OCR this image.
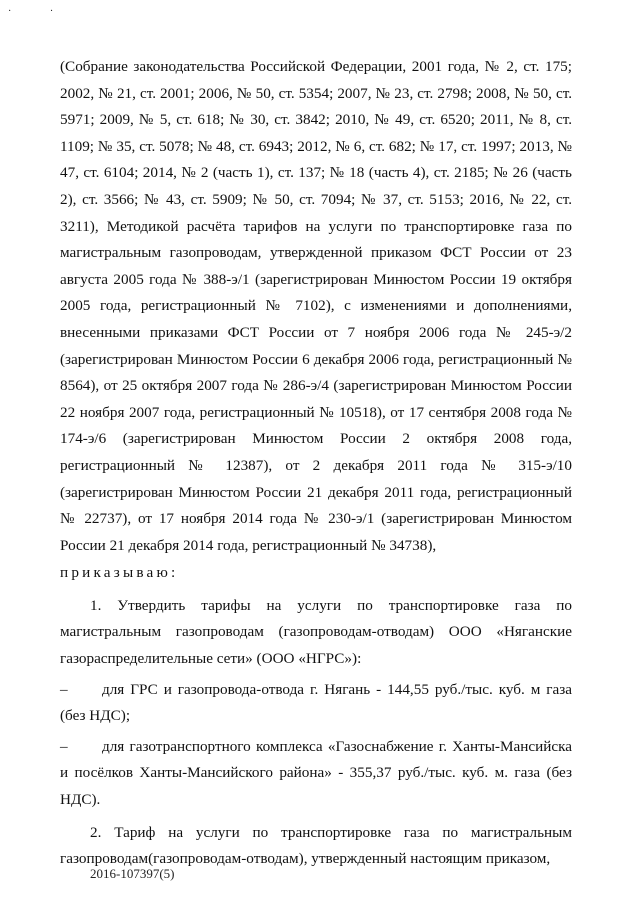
· ·

(Собрание законодательства Российской Федерации, 2001 года, № 2, ст. 175; 2002, № 21, ст. 2001; 2006, № 50, ст. 5354; 2007, № 23, ст. 2798; 2008, № 50, ст. 5971; 2009, № 5, ст. 618; № 30, ст. 3842; 2010, № 49, ст. 6520; 2011, № 8, ст. 1109; № 35, ст. 5078; № 48, ст. 6943; 2012, № 6, ст. 682; № 17, ст. 1997; 2013, № 47, ст. 6104; 2014, № 2 (часть 1), ст. 137; № 18 (часть 4), ст. 2185; № 26 (часть 2), ст. 3566; № 43, ст. 5909; № 50, ст. 7094; № 37, ст. 5153; 2016, № 22, ст. 3211), Методикой расчёта тарифов на услуги по транспортировке газа по магистральным газопроводам, утвержденной приказом ФСТ России от 23 августа 2005 года № 388-э/1 (зарегистрирован Минюстом России 19 октября 2005 года, регистрационный № 7102), с изменениями и дополнениями, внесенными приказами ФСТ России от 7 ноября 2006 года № 245-э/2 (зарегистрирован Минюстом России 6 декабря 2006 года, регистрационный № 8564), от 25 октября 2007 года № 286-э/4 (зарегистрирован Минюстом России 22 ноября 2007 года, регистрационный № 10518), от 17 сентября 2008 года № 174-э/6 (зарегистрирован Минюстом России 2 октября 2008 года, регистрационный № 12387), от 2 декабря 2011 года № 315-э/10 (зарегистрирован Минюстом России 21 декабря 2011 года, регистрационный № 22737), от 17 ноября 2014 года № 230-э/1 (зарегистрирован Минюстом России 21 декабря 2014 года, регистрационный № 34738),

приказываю:

1. Утвердить тарифы на услуги по транспортировке газа по магистральным газопроводам (газопроводам-отводам) ООО «Няганские газораспределительные сети» (ООО «НГРС»):

– для ГРС и газопровода-отвода г. Нягань - 144,55 руб./тыс. куб. м газа (без НДС);

– для газотранспортного комплекса «Газоснабжение г. Ханты-Мансийска и посёлков Ханты-Мансийского района» - 355,37 руб./тыс. куб. м. газа (без НДС).

2. Тариф на услуги по транспортировке газа по магистральным газопроводам(газопроводам-отводам), утвержденный настоящим приказом,

2016-107397(5)
